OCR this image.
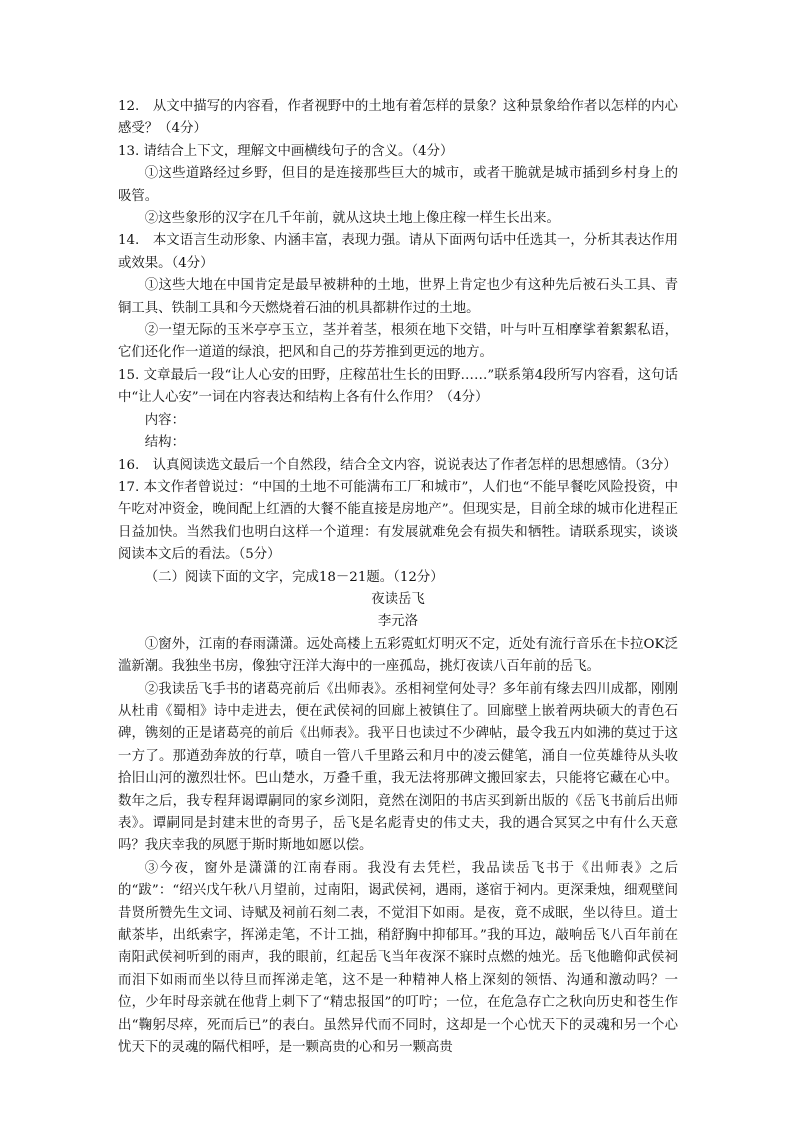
12.　从文中描写的内容看，作者视野中的土地有着怎样的景象？这种景象给作者以怎样的内心感受？（4分）

13. 请结合上下文，理解文中画横线句子的含义。（4分）

①这些道路经过乡野，但目的是连接那些巨大的城市，或者干脆就是城市插到乡村身上的吸管。

②这些象形的汉字在几千年前，就从这块土地上像庄稼一样生长出来。

14.　本文语言生动形象、内涵丰富，表现力强。请从下面两句话中任选其一，分析其表达作用或效果。（4分）

①这些大地在中国肯定是最早被耕种的土地，世界上肯定也少有这种先后被石头工具、青铜工具、铁制工具和今天燃烧着石油的机具都耕作过的土地。

②一望无际的玉米亭亭玉立，茎并着茎，根须在地下交错，叶与叶互相摩挲着絮絮私语，它们还化作一道道的绿浪，把风和自己的芬芳推到更远的地方。

15. 文章最后一段“让人心安的田野，庄稼茁壮生长的田野……”联系第4段所写内容看，这句话中“让人心安”一词在内容表达和结构上各有什么作用？（4分）

内容：

结构：

16.　认真阅读选文最后一个自然段，结合全文内容，说说表达了作者怎样的思想感情。（3分）

17. 本文作者曾说过：“中国的土地不可能满布工厂和城市”，人们也“不能早餐吃风险投资，中午吃对冲资金，晚间配上红酒的大餐不能直接是房地产”。但现实是，目前全球的城市化进程正日益加快。当然我们也明白这样一个道理：有发展就难免会有损失和牺牲。请联系现实，谈谈阅读本文后的看法。（5分）

（二）阅读下面的文字，完成18－21题。（12分）

夜读岳飞

李元洛

①窗外，江南的春雨潇潇。远处高楼上五彩霓虹灯明灭不定，近处有流行音乐在卡拉OK泛滥新潮。我独坐书房，像独守汪洋大海中的一座孤岛，挑灯夜读八百年前的岳飞。

②我读岳飞手书的诸葛亮前后《出师表》。丞相祠堂何处寻？多年前有缘去四川成都，刚刚从杜甫《蜀相》诗中走进去，便在武侯祠的回廊上被镇住了。回廊壁上嵌着两块硕大的青色石碑，镌刻的正是诸葛亮的前后《出师表》。我平日也读过不少碑帖，最令我五内如沸的莫过于这一方了。那遒劲奔放的行草，喷自一管八千里路云和月中的凌云健笔，涌自一位英雄待从头收拾旧山河的激烈壮怀。巴山楚水，万叠千重，我无法将那碑文搬回家去，只能将它藏在心中。数年之后，我专程拜谒谭嗣同的家乡浏阳，竟然在浏阳的书店买到新出版的《岳飞书前后出师表》。谭嗣同是封建末世的奇男子，岳飞是名彪青史的伟丈夫，我的遇合冥冥之中有什么天意吗？我庆幸我的夙愿于斯时斯地如愿以偿。

③今夜，窗外是潇潇的江南春雨。我没有去凭栏，我品读岳飞书于《出师表》之后的“跋”：“绍兴戊午秋八月望前，过南阳，谒武侯祠，遇雨，遂宿于祠内。更深秉烛，细观壁间昔贤所赞先生文词、诗赋及祠前石刻二表，不觉泪下如雨。是夜，竟不成眠，坐以待旦。道士献茶毕，出纸索字，挥涕走笔，不计工拙，稍舒胸中抑郁耳。”我的耳边，敲响岳飞八百年前在南阳武侯祠听到的雨声，我的眼前，红起岳飞当年夜深不寐时点燃的烛光。岳飞他瞻仰武侯祠而泪下如雨而坐以待旦而挥涕走笔，这不是一种精神人格上深刻的领悟、沟通和激动吗？一位，少年时母亲就在他背上刺下了“精忠报国”的叮咛；一位，在危急存亡之秋向历史和苍生作出“鞠躬尽瘁，死而后已”的表白。虽然异代而不同时，这却是一个心忧天下的灵魂和另一个心忧天下的灵魂的隔代相呼，是一颗高贵的心和另一颗高贵
